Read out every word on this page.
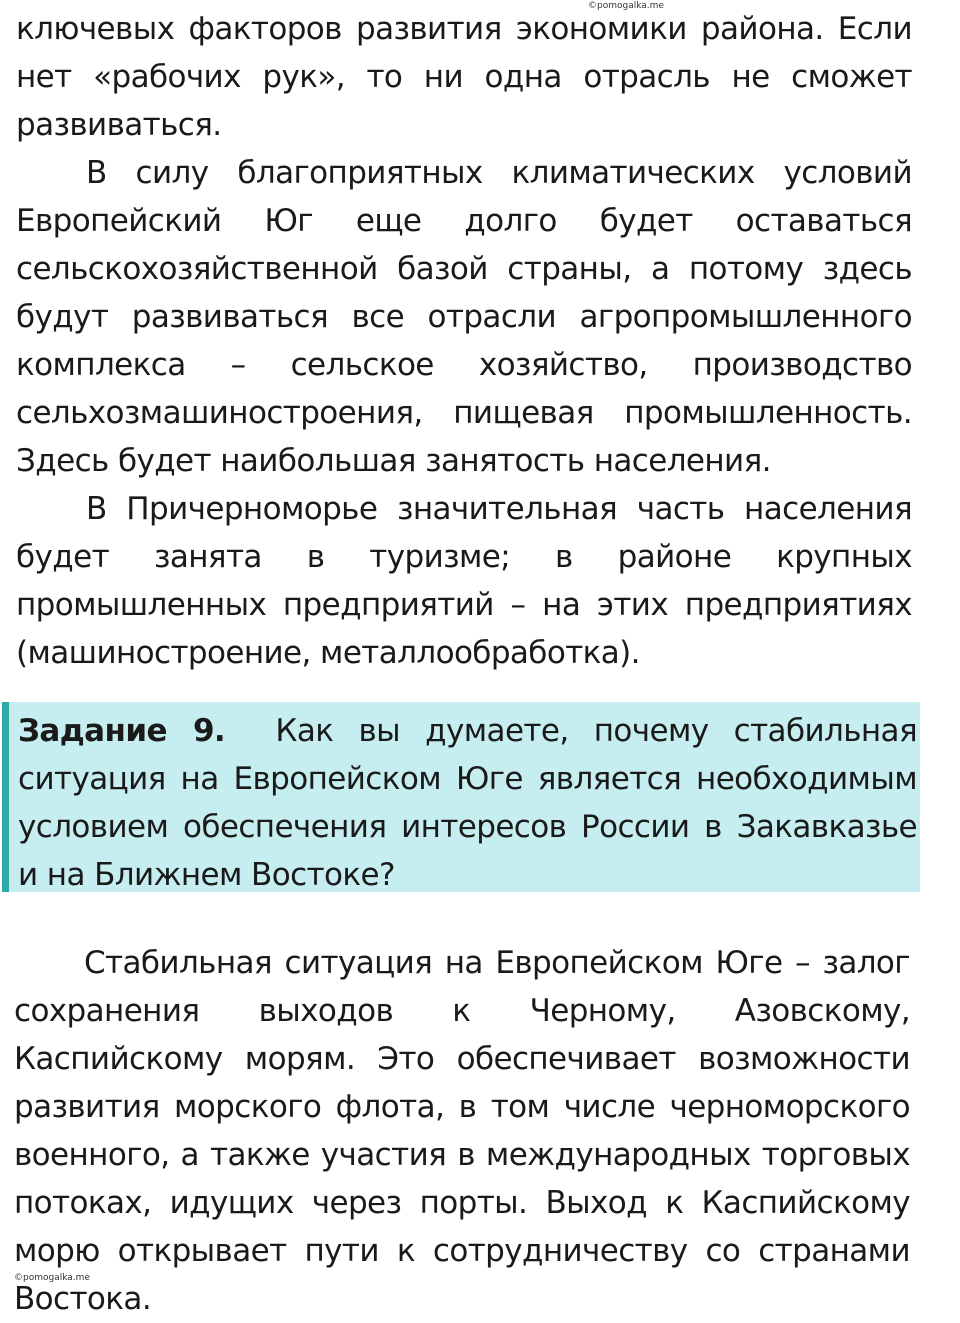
©pomogalka.me

ключевых факторов развития экономики района. Если нет «рабочих рук», то ни одна отрасль не сможет развиваться.

В силу благоприятных климатических условий Европейский Юг еще долго будет оставаться сельскохозяйственной базой страны, а потому здесь будут развиваться все отрасли агропромышленного комплекса – сельское хозяйство, производство сельхозмашиностроения, пищевая промышленность. Здесь будет наибольшая занятость населения.

В Причерноморье значительная часть населения будет занята в туризме; в районе крупных промышленных предприятий – на этих предприятиях (машиностроение, металлообработка).

Задание 9. Как вы думаете, почему стабильная ситуация на Европейском Юге является необходимым условием обеспечения интересов России в Закавказье и на Ближнем Востоке?

Стабильная ситуация на Европейском Юге – залог сохранения выходов к Черному, Азовскому, Каспийскому морям. Это обеспечивает возможности развития морского флота, в том числе черноморского военного, а также участия в международных торговых потоках, идущих через порты. Выход к Каспийскому морю открывает пути к сотрудничеству со странами Востока.

©pomogalka.me
